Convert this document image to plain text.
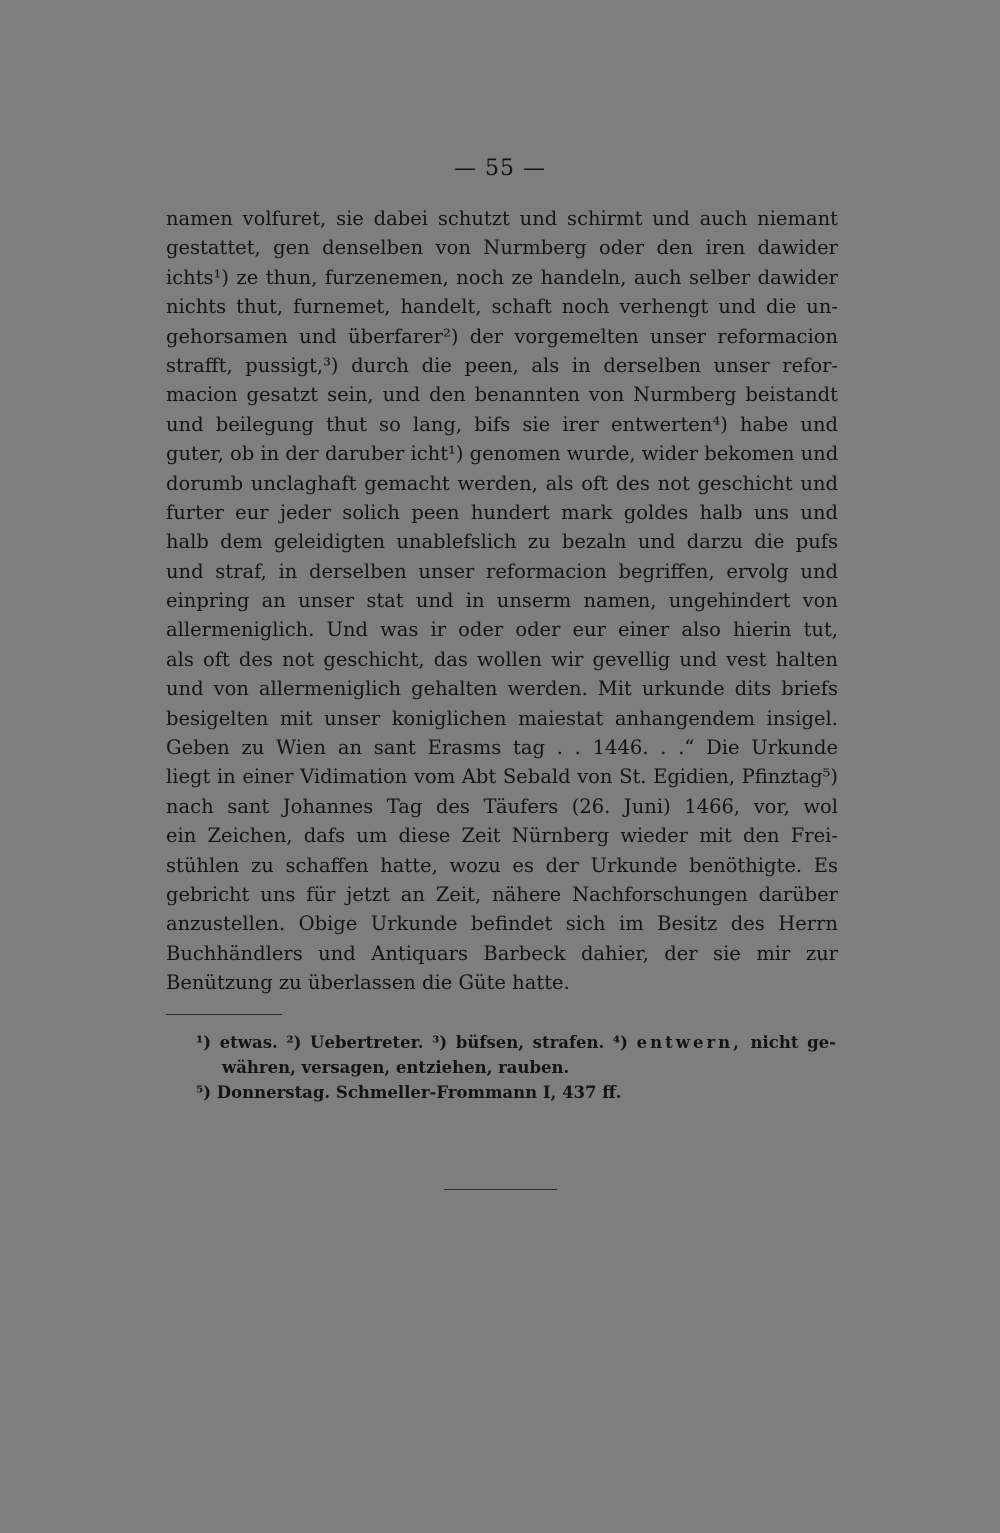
— 55 —
namen volfuret, sie dabei schutzt und schirmt und auch niemant
gestattet, gen denselben von Nurmberg oder den iren dawider
ichts¹) ze thun, furzenemen, noch ze handeln, auch selber dawider
nichts thut, furnemet, handelt, schaft noch verhengt und die un-
gehorsamen und überfarer²) der vorgemelten unser reformacion
strafft, pussigt,³) durch die peen, als in derselben unser refor-
macion gesatzt sein, und den benannten von Nurmberg beistandt
und beilegung thut so lang, bifs sie irer entwerten⁴) habe und
guter, ob in der daruber icht¹) genomen wurde, wider bekomen und
dorumb unclaghaft gemacht werden, als oft des not geschicht und
furter eur jeder solich peen hundert mark goldes halb uns und
halb dem geleidigten unablefslich zu bezaln und darzu die pufs
und straf, in derselben unser reformacion begriffen, ervolg und
einpring an unser stat und in unserm namen, ungehindert von
allermeniglich. Und was ir oder oder eur einer also hierin tut,
als oft des not geschicht, das wollen wir gevellig und vest halten
und von allermeniglich gehalten werden. Mit urkunde dits briefs
besigelten mit unser koniglichen maiestat anhangendem insigel.
Geben zu Wien an sant Erasms tag . . 1446. . .“ Die Urkunde
liegt in einer Vidimation vom Abt Sebald von St. Egidien, Pfinztag⁵)
nach sant Johannes Tag des Täufers (26. Juni) 1466, vor, wol
ein Zeichen, dafs um diese Zeit Nürnberg wieder mit den Frei-
stühlen zu schaffen hatte, wozu es der Urkunde benöthigte. Es
gebricht uns für jetzt an Zeit, nähere Nachforschungen darüber
anzustellen. Obige Urkunde befindet sich im Besitz des Herrn
Buchhändlers und Antiquars Barbeck dahier, der sie mir zur
Benützung zu überlassen die Güte hatte.
¹) etwas. ²) Uebertreter. ³) büfsen, strafen. ⁴) entwern, nicht ge-
währen, versagen, entziehen, rauben.
⁵) Donnerstag. Schmeller-Frommann I, 437 ff.
